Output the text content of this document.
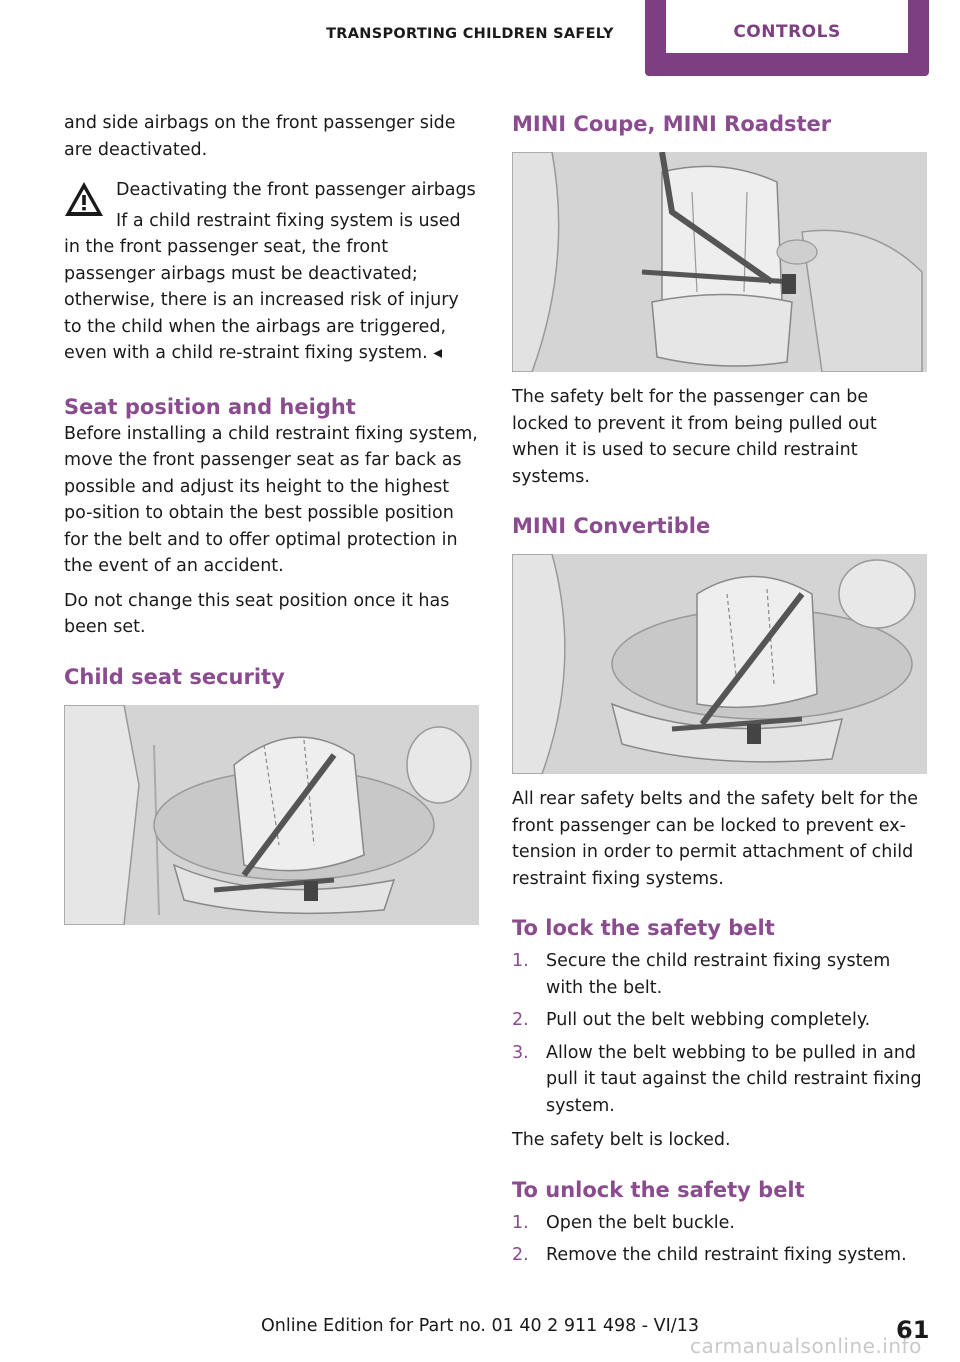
TRANSPORTING CHILDREN SAFELY	CONTROLS

and side airbags on the front passenger side are deactivated.

Deactivating the front passenger airbags

If a child restraint fixing system is used in the front passenger seat, the front passenger airbags must be deactivated; otherwise, there is an increased risk of injury to the child when the airbags are triggered, even with a child re-straint fixing system. ◂

Seat position and height

Before installing a child restraint fixing system, move the front passenger seat as far back as possible and adjust its height to the highest po-sition to obtain the best possible position for the belt and to offer optimal protection in the event of an accident.

Do not change this seat position once it has been set.

Child seat security
MINI Coupe, MINI Roadster

The safety belt for the passenger can be locked to prevent it from being pulled out when it is used to secure child restraint systems.

MINI Convertible

All rear safety belts and the safety belt for the front passenger can be locked to prevent ex-tension in order to permit attachment of child restraint fixing systems.

To lock the safety belt
1. Secure the child restraint fixing system with the belt.
2. Pull out the belt webbing completely.
3. Allow the belt webbing to be pulled in and pull it taut against the child restraint fixing system.

The safety belt is locked.

To unlock the safety belt
1. Open the belt buckle.
2. Remove the child restraint fixing system.
Online Edition for Part no. 01 40 2 911 498 - VI/13	61
carmanualsonline.info
